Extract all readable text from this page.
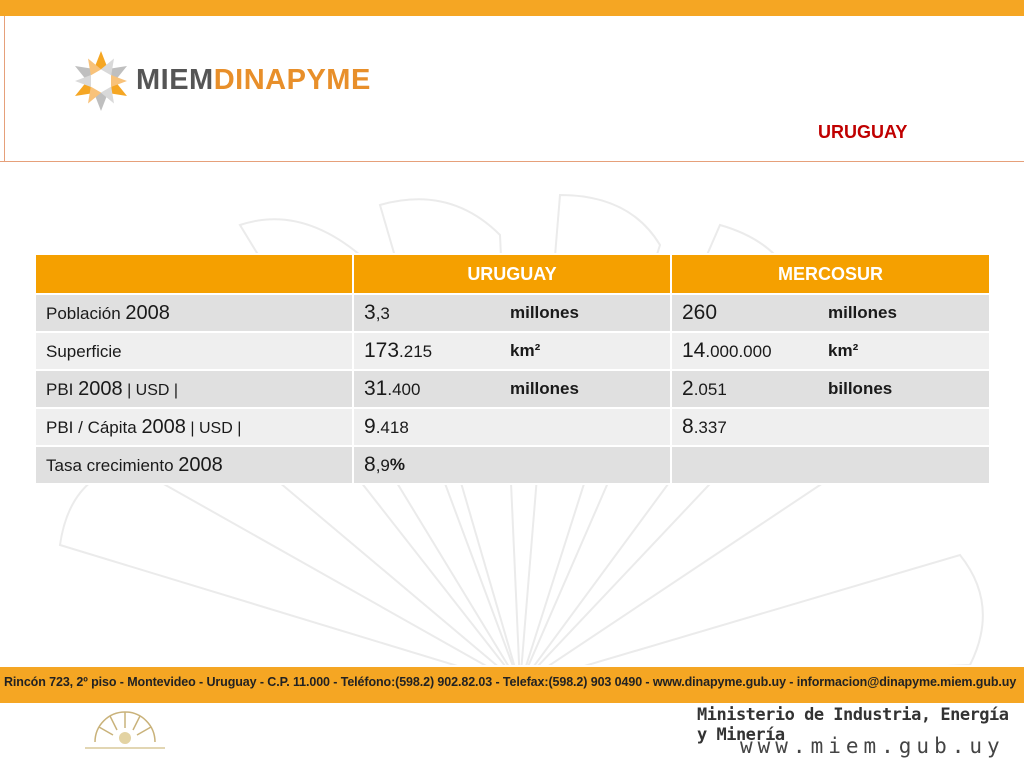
MIEMDINAPYME
URUGUAY
	URUGUAY	MERCOSUR
Población 2008	3,3 millones	260 millones

Superficie	173.215 km²	14.000.000 km²

PBI 2008 | USD |	31.400 millones	2.051 billones

PBI / Cápita 2008 | USD |	9.418	8.337

Tasa crecimiento 2008	8,9 %	

Rincón 723, 2º piso - Montevideo - Uruguay - C.P. 11.000 - Teléfono:(598.2) 902.82.03 - Telefax:(598.2) 903 0490 - www.dinapyme.gub.uy - informacion@dinapyme.miem.gub.uy
Ministerio de Industria, Energía y Minería
www.miem.gub.uy
